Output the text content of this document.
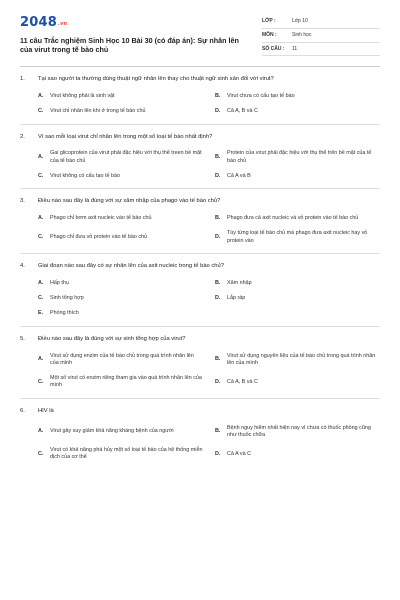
2048.vn
11 câu Trắc nghiệm Sinh Học 10 Bài 30 (có đáp án): Sự nhân lên của virut trong tế bào chủ
LỚP :	Lớp 10
MÔN :	Sinh học
SỐ CÂU :	11
1.	Tại sao người ta thường dùng thuật ngữ nhân lên thay cho thuật ngữ sinh sản đối với virut?
A.	Virut không phải là sinh vật	B.	Virut chưa có cấu tạo tế bào
C.	Virut chỉ nhân lên khi ở trong tế bào chủ	D.	Cả A, B và C
2.	Vì sao mỗi loại virut chỉ nhân lên trong một số loại tế bào nhất định?
A.
Gai glicoprotein của virut phải đặc hiệu với thụ thể treen bề mặt của tế bào chủ
B.
Protein của virut phải đặc hiệu với thụ thể trên bề mặt của tế bào chủ
C.	Virut không có cấu tạo tế bào	D.	Cả A và B
3.	Điều nào sau đây là đúng với sự xâm nhập của phago vào tế bào chủ?
A.	Phago chỉ bơm axit nucleic vào tế bào chủ	B.	Phago đưa cả axit nucleic và vỏ protein vào tế bào chủ
C.	Phago chỉ đưa vỏ protein vào tế bào chủ	D.
Tùy từng loại tế bào chủ mà phago đưa axit nucleic hay vỏ protein vào
4.	Giai đoạn nào sau đây có sự nhân lên của axit nucleic trong tế bào chủ?
A.	Hấp thụ	B.	Xâm nhập
C.	Sinh tổng hợp	D.	Lắp ráp
E.	Phóng thích
5.	Điều nào sau đây là đúng với sự sinh tổng hợp của virut?
A.
Virut sử dụng enzim của tế bào chủ trong quá trình nhân lên của mình
B.
Virut sử dụng nguyên liệu của tế bào chủ trong quá trình nhân lên của mình
C.
Một số virut có enzim riêng tham gia vào quá trình nhân lên của mình
D.	Cả A, B và C
6.	HIV là
A.	Virut gây suy giảm khả năng kháng bệnh của người	B.
Bệnh nguy hiểm nhất hiện nay vì chưa có thuốc phòng cũng như thuốc chữa
C.
Virut có khả năng phá hủy một số loại tế bào của hệ thống miễn dịch của cơ thể
D.	Cả A và C
